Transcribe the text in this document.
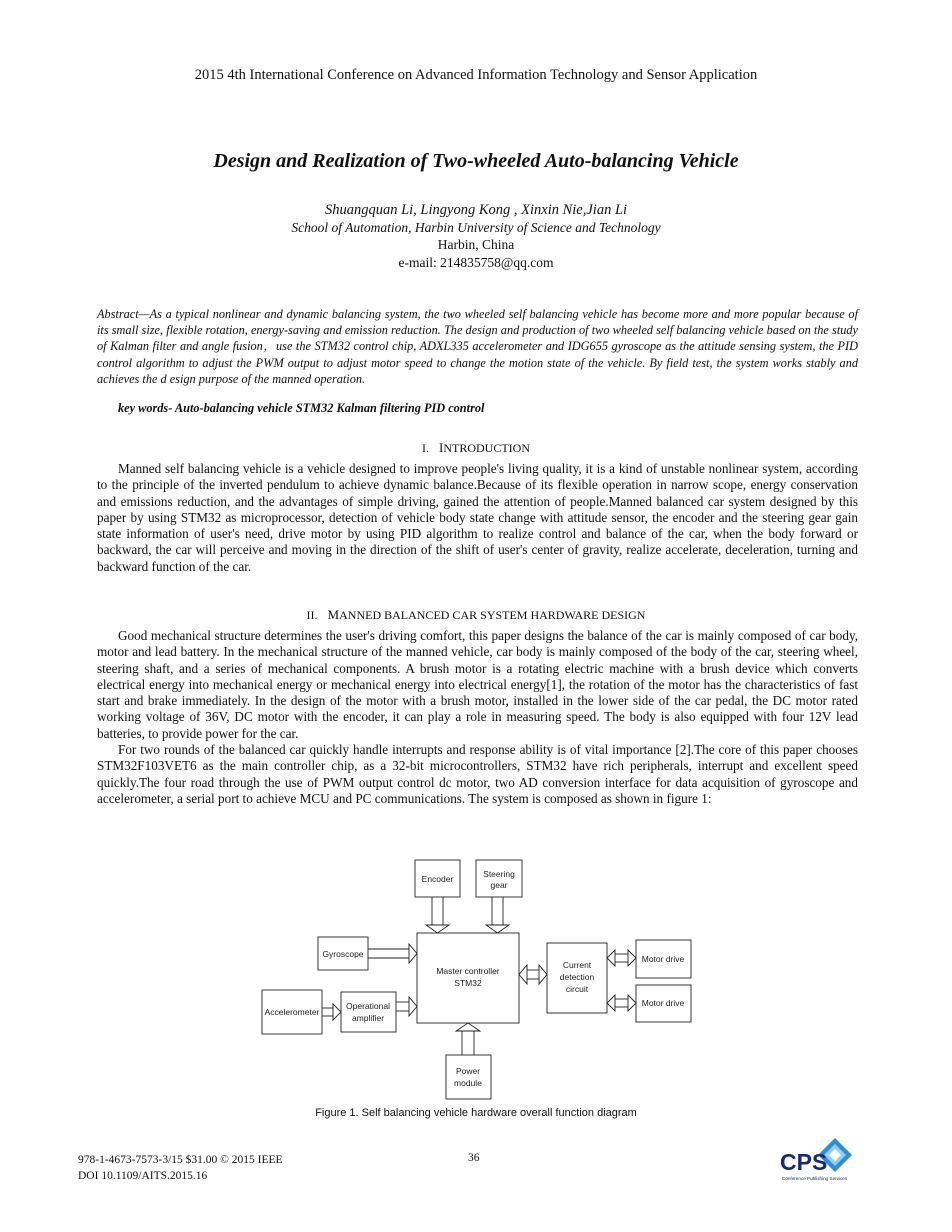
2015 4th International Conference on Advanced Information Technology and Sensor Application
Design and Realization of Two-wheeled Auto-balancing Vehicle
Shuangquan Li, Lingyong Kong , Xinxin Nie,Jian Li
School of Automation, Harbin University of Science and Technology
Harbin, China
e-mail: 214835758@qq.com
Abstract—As a typical nonlinear and dynamic balancing system, the two wheeled self balancing vehicle has become more and more popular because of its small size, flexible rotation, energy-saving and emission reduction. The design and production of two wheeled self balancing vehicle based on the study of Kalman filter and angle fusion，use the STM32 control chip, ADXL335 accelerometer and IDG655 gyroscope as the attitude sensing system, the PID control algorithm to adjust the PWM output to adjust motor speed to change the motion state of the vehicle. By field test, the system works stably and achieves the d esign purpose of the manned operation.
key words- Auto-balancing vehicle STM32 Kalman filtering PID control
I. INTRODUCTION

Manned self balancing vehicle is a vehicle designed to improve people's living quality, it is a kind of unstable nonlinear system, according to the principle of the inverted pendulum to achieve dynamic balance.Because of its flexible operation in narrow scope, energy conservation and emissions reduction, and the advantages of simple driving, gained the attention of people.Manned balanced car system designed by this paper by using STM32 as microprocessor, detection of vehicle body state change with attitude sensor, the encoder and the steering gear gain state information of user's need, drive motor by using PID algorithm to realize control and balance of the car, when the body forward or backward, the car will perceive and moving in the direction of the shift of user's center of gravity, realize accelerate, deceleration, turning and backward function of the car.

II. MANNED BALANCED CAR SYSTEM HARDWARE DESIGN

Good mechanical structure determines the user's driving comfort, this paper designs the balance of the car is mainly composed of car body, motor and lead battery. In the mechanical structure of the manned vehicle, car body is mainly composed of the body of the car, steering wheel, steering shaft, and a series of mechanical components. A brush motor is a rotating electric machine with a brush device which converts electrical energy into mechanical energy or mechanical energy into electrical energy[1], the rotation of the motor has the characteristics of fast start and brake immediately. In the design of the motor with a brush motor, installed in the lower side of the car pedal, the DC motor rated working voltage of 36V, DC motor with the encoder, it can play a role in measuring speed. The body is also equipped with four 12V lead batteries, to provide power for the car.

For two rounds of the balanced car quickly handle interrupts and response ability is of vital importance [2].The core of this paper chooses STM32F103VET6 as the main controller chip, as a 32-bit microcontrollers, STM32 have rich peripherals, interrupt and excellent speed quickly.The four road through the use of PWM output control dc motor, two AD conversion interface for data acquisition of gyroscope and accelerometer, a serial port to achieve MCU and PC communications. The system is composed as shown in figure 1:

Encoder	Steering
gear
Gyroscope
Master controller
STM32
Current
detection
circuit
Motor drive
Motor drive
Accelerometer
Operational
amplifier
Power
module
Figure 1. Self balancing vehicle hardware overall function diagram
978-1-4673-7573-3/15 $31.00 © 2015 IEEE
DOI 10.1109/AITS.2015.16
36	CPS
Conference Publishing Services
